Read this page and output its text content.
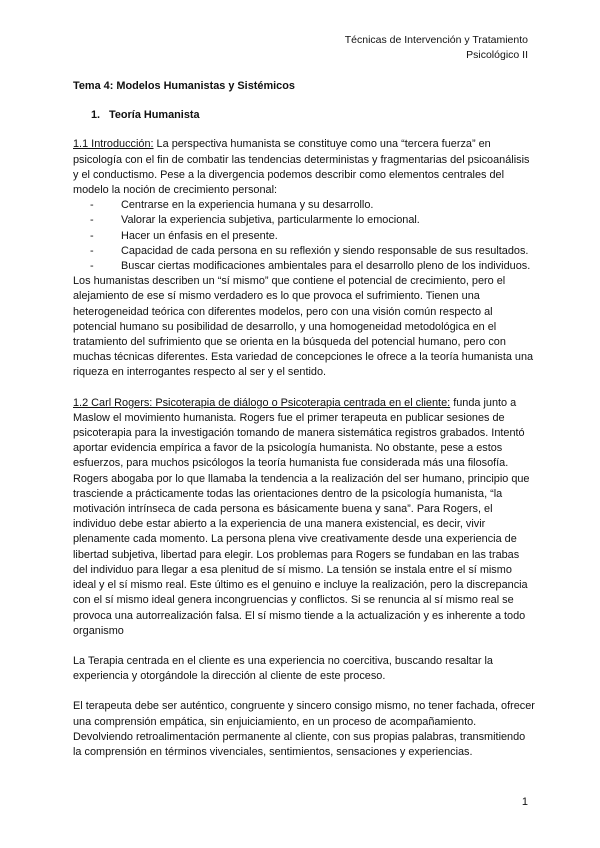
Técnicas de Intervención y Tratamiento
Psicológico II

Tema 4: Modelos Humanistas y Sistémicos

1. Teoría Humanista

1.1 Introducción: La perspectiva humanista se constituye como una “tercera fuerza” en psicología con el fin de combatir las tendencias deterministas y fragmentarias del psicoanálisis y el conductismo. Pese a la divergencia podemos describir como elementos centrales del modelo la noción de crecimiento personal:

- Centrarse en la experiencia humana y su desarrollo.
- Valorar la experiencia subjetiva, particularmente lo emocional.
- Hacer un énfasis en el presente.
- Capacidad de cada persona en su reflexión y siendo responsable de sus resultados.
- Buscar ciertas modificaciones ambientales para el desarrollo pleno de los individuos.

Los humanistas describen un “sí mismo” que contiene el potencial de crecimiento, pero el alejamiento de ese sí mismo verdadero es lo que provoca el sufrimiento. Tienen una heterogeneidad teórica con diferentes modelos, pero con una visión común respecto al potencial humano su posibilidad de desarrollo, y una homogeneidad metodológica en el tratamiento del sufrimiento que se orienta en la búsqueda del potencial humano, pero con muchas técnicas diferentes. Esta variedad de concepciones le ofrece a la teoría humanista una riqueza en interrogantes respecto al ser y el sentido.

1.2 Carl Rogers: Psicoterapia de diálogo o Psicoterapia centrada en el cliente: funda junto a Maslow el movimiento humanista. Rogers fue el primer terapeuta en publicar sesiones de psicoterapia para la investigación tomando de manera sistemática registros grabados. Intentó aportar evidencia empírica a favor de la psicología humanista. No obstante, pese a estos esfuerzos, para muchos psicólogos la teoría humanista fue considerada más una filosofía.

Rogers abogaba por lo que llamaba la tendencia a la realización del ser humano, principio que trasciende a prácticamente todas las orientaciones dentro de la psicología humanista, “la motivación intrínseca de cada persona es básicamente buena y sana”. Para Rogers, el individuo debe estar abierto a la experiencia de una manera existencial, es decir, vivir plenamente cada momento. La persona plena vive creativamente desde una experiencia de libertad subjetiva, libertad para elegir. Los problemas para Rogers se fundaban en las trabas del individuo para llegar a esa plenitud de sí mismo. La tensión se instala entre el sí mismo ideal y el sí mismo real. Este último es el genuino e incluye la realización, pero la discrepancia con el sí mismo ideal genera incongruencias y conflictos. Si se renuncia al sí mismo real se provoca una autorrealización falsa. El sí mismo tiende a la actualización y es inherente a todo organismo

La Terapia centrada en el cliente es una experiencia no coercitiva, buscando resaltar la experiencia y otorgándole la dirección al cliente de este proceso.

El terapeuta debe ser auténtico, congruente y sincero consigo mismo, no tener fachada, ofrecer una comprensión empática, sin enjuiciamiento, en un proceso de acompañamiento. Devolviendo retroalimentación permanente al cliente, con sus propias palabras, transmitiendo la comprensión en términos vivenciales, sentimientos, sensaciones y experiencias.

1
